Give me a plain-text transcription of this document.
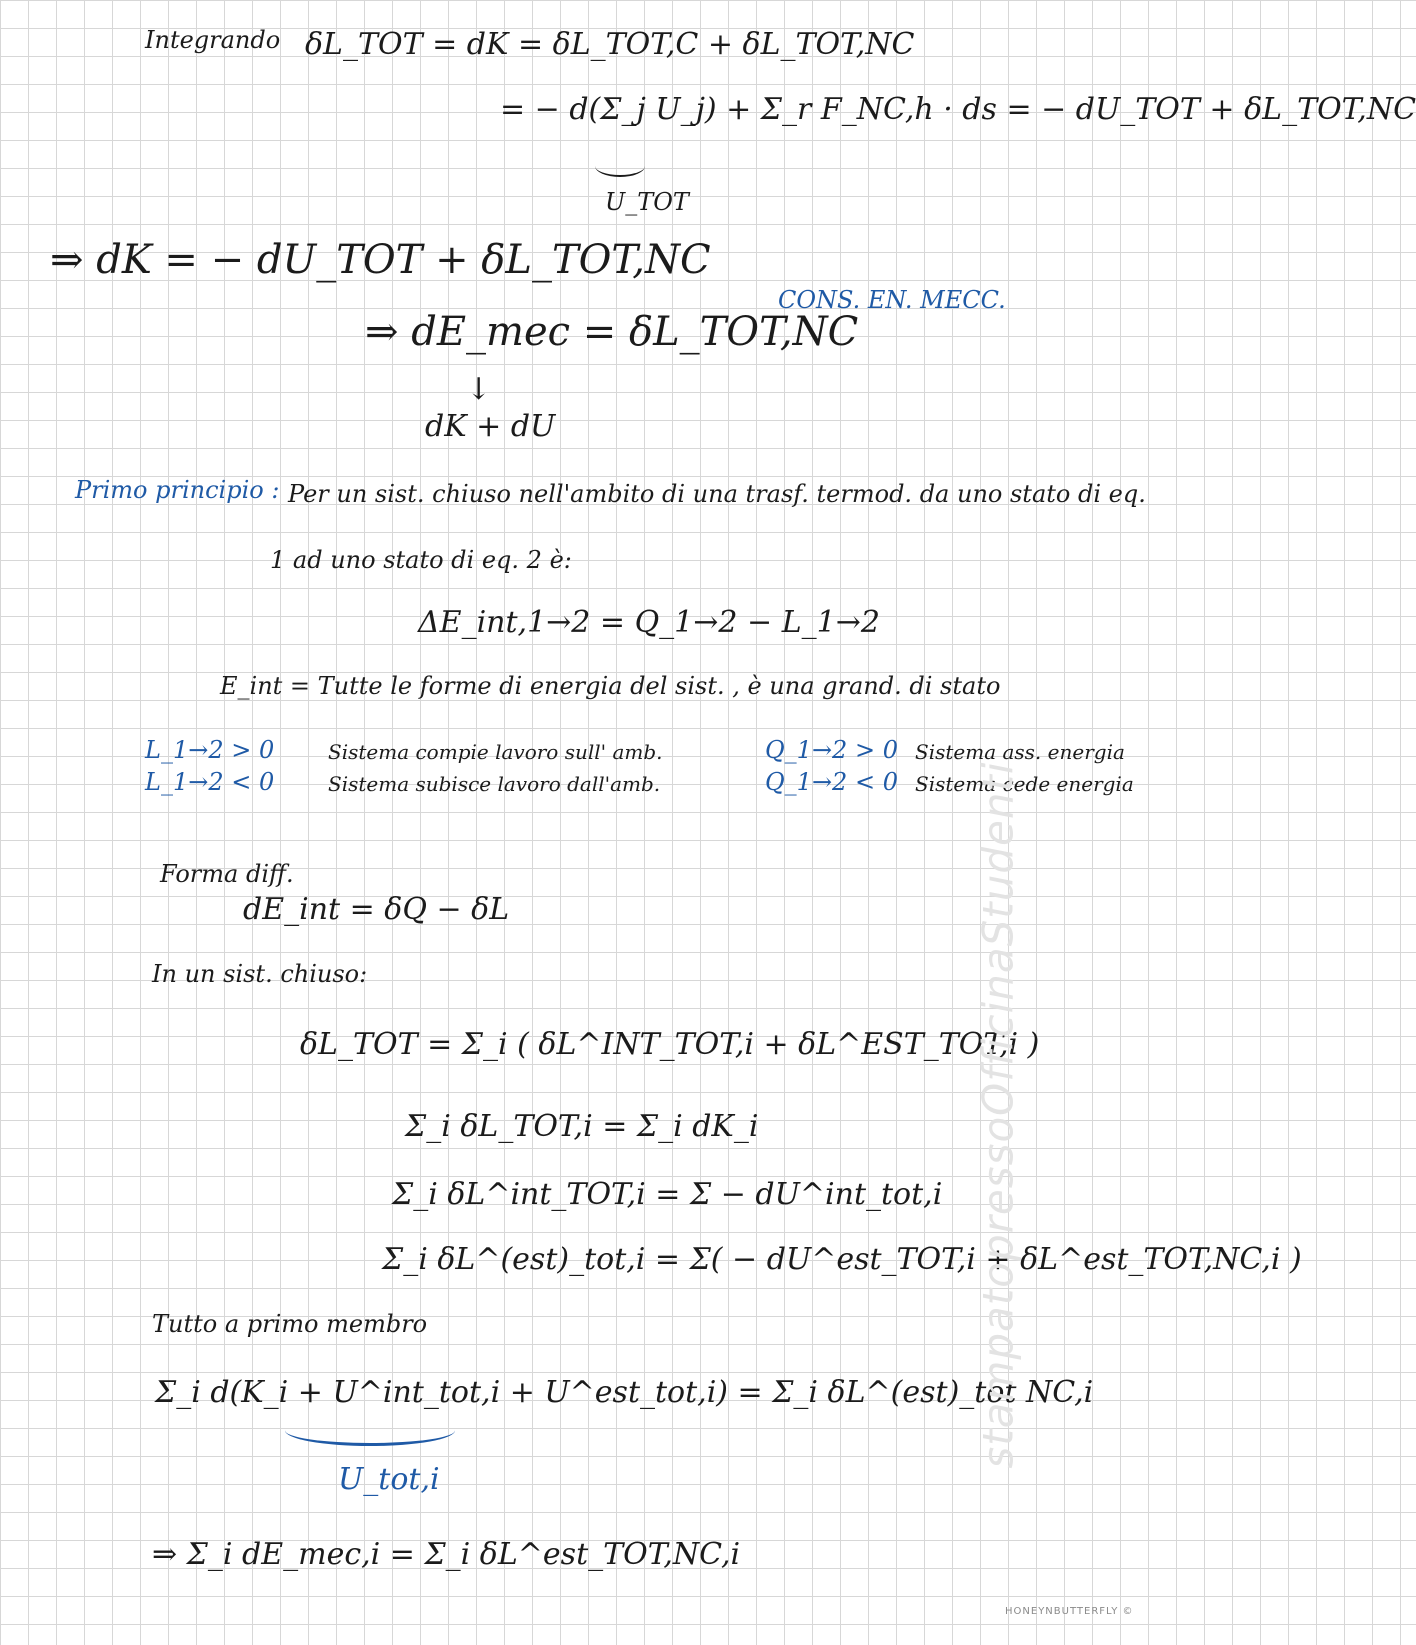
Integrando δL_TOT = dK = δL_TOT,C + δL_TOT,NC
= − d(Σ_j U_j) + Σ_r F_NC,h · ds = − dU_TOT + δL_TOT,NC
U_TOT
⇒ dK = − dU_TOT + δL_TOT,NC
⇒ dE_mec = δL_TOT,NC
CONS. EN. MECC.
↓
dK + dU
Primo principio : Per un sist. chiuso nell'ambito di una trasf. termod. da uno stato di eq.
1 ad uno stato di eq. 2 è:
ΔE_int,1→2 = Q_1→2 − L_1→2
E_int = Tutte le forme di energia del sist. , è una grand. di stato
L_1→2 > 0	Sistema compie lavoro sull' amb.
L_1→2 < 0	Sistema subisce lavoro dall'amb.
Q_1→2 > 0 Sistema ass. energia
Q_1→2 < 0 Sistema cede energia
Forma diff.
dE_int = δQ − δL
In un sist. chiuso:
δL_TOT = Σ_i ( δL^INT_TOT,i + δL^EST_TOT,i )
Σ_i δL_TOT,i = Σ_i dK_i
Σ_i δL^int_TOT,i = Σ − dU^int_tot,i
Σ_i δL^(est)_tot,i = Σ( − dU^est_TOT,i + δL^est_TOT,NC,i )
Tutto a primo membro
Σ_i d(K_i + U^int_tot,i + U^est_tot,i) = Σ_i δL^(est)_tot NC,i
U_tot,i
⇒ Σ_i dE_mec,i = Σ_i δL^est_TOT,NC,i
stampatopressoOfficinaStudenti
HONEYNBUTTERFLY ©
